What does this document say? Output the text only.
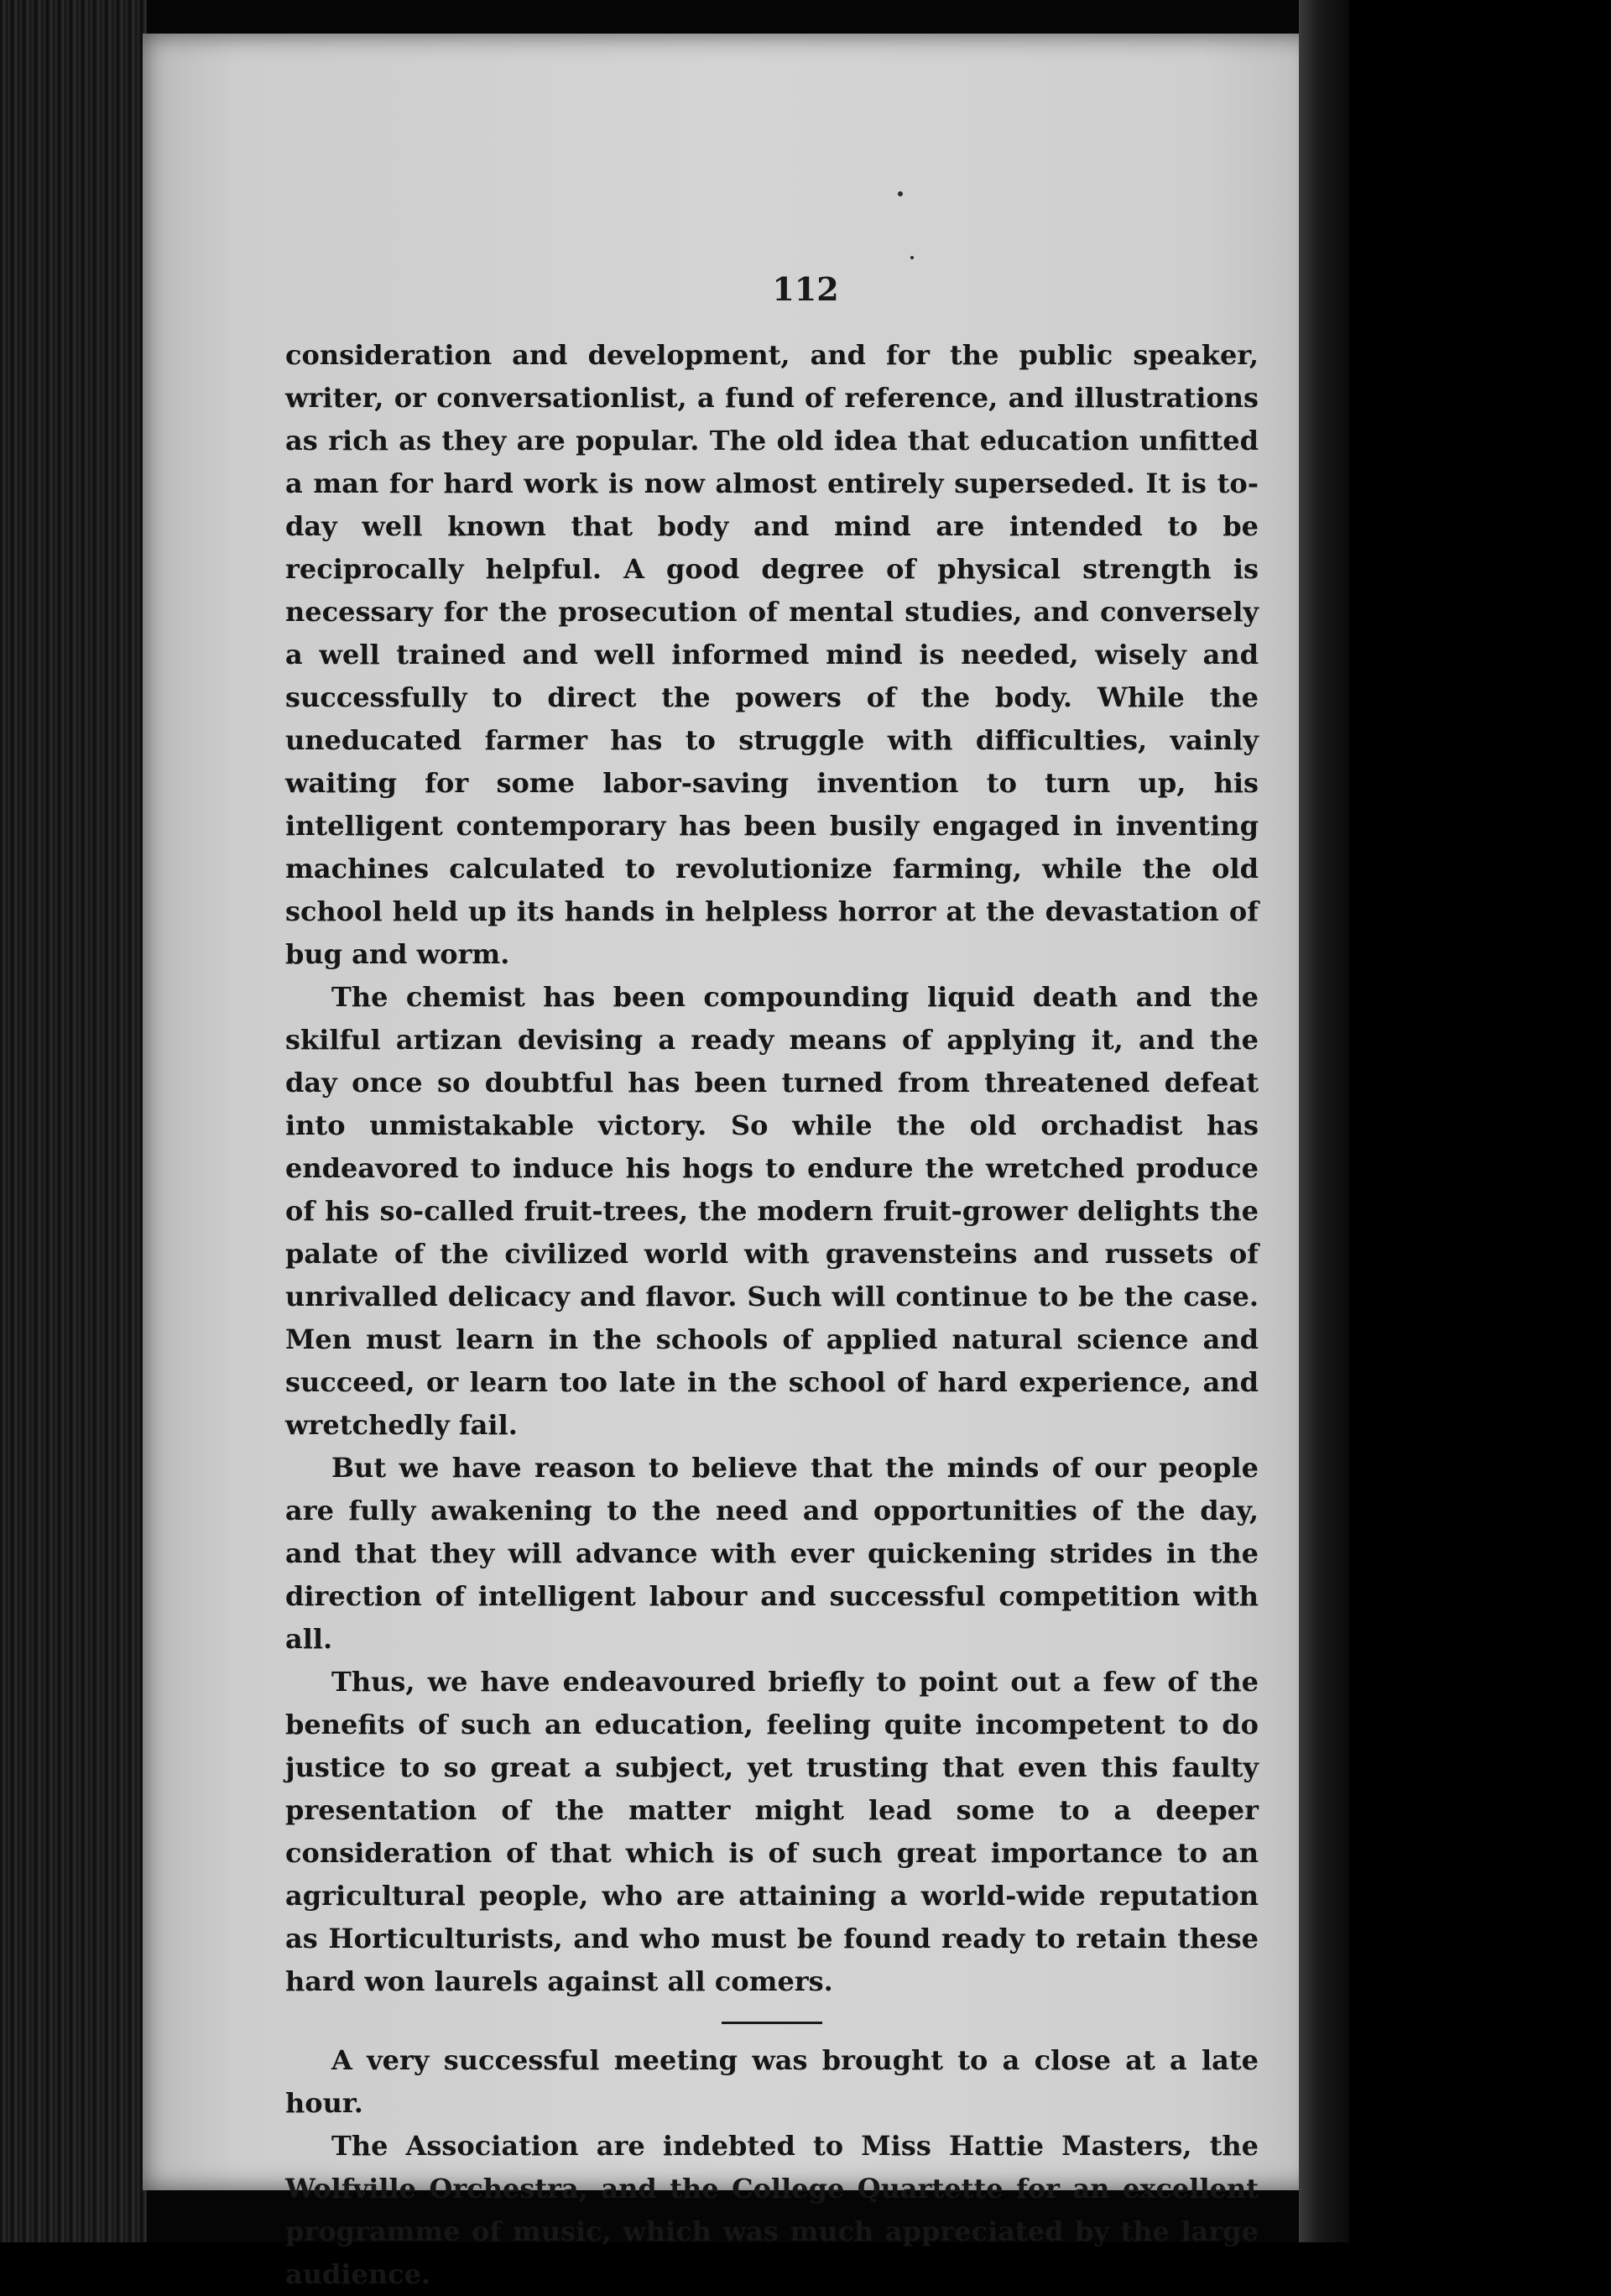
112

consideration and development, and for the public speaker, writer, or conversationlist, a fund of reference, and illustrations as rich as they are popular. The old idea that education unfitted a man for hard work is now almost entirely superseded. It is to-day well known that body and mind are intended to be reciprocally helpful. A good degree of physical strength is necessary for the prosecution of mental studies, and conversely a well trained and well informed mind is needed, wisely and successfully to direct the powers of the body. While the uneducated farmer has to struggle with difficulties, vainly waiting for some labor-saving invention to turn up, his intelligent contemporary has been busily engaged in inventing machines calculated to revolutionize farming, while the old school held up its hands in helpless horror at the devastation of bug and worm.

The chemist has been compounding liquid death and the skilful artizan devising a ready means of applying it, and the day once so doubtful has been turned from threatened defeat into unmistakable victory. So while the old orchadist has endeavored to induce his hogs to endure the wretched produce of his so-called fruit-trees, the modern fruit-grower delights the palate of the civilized world with gravensteins and russets of unrivalled delicacy and flavor. Such will continue to be the case. Men must learn in the schools of applied natural science and succeed, or learn too late in the school of hard experience, and wretchedly fail.

But we have reason to believe that the minds of our people are fully awakening to the need and opportunities of the day, and that they will advance with ever quickening strides in the direction of intelligent labour and successful competition with all.

Thus, we have endeavoured briefly to point out a few of the benefits of such an education, feeling quite incompetent to do justice to so great a subject, yet trusting that even this faulty presentation of the matter might lead some to a deeper consideration of that which is of such great importance to an agricultural people, who are attaining a world-wide reputation as Horticulturists, and who must be found ready to retain these hard won laurels against all comers.

A very successful meeting was brought to a close at a late hour.

The Association are indebted to Miss Hattie Masters, the Wolfville Orchestra, and the College Quartette for an excellent programme of music, which was much appreciated by the large audience.
